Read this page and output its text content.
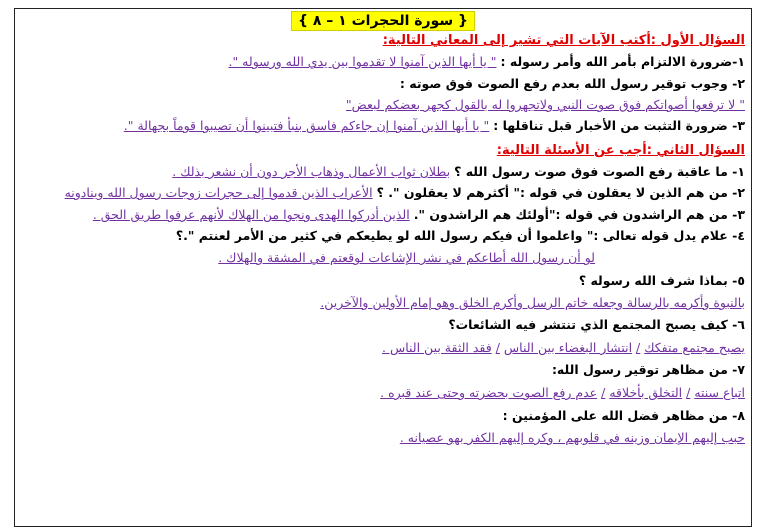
{ سورة الحجرات ١ – ٨ }
السؤال الأول :أكتب الآيات التي تشير إلى المعاني التالية:
١-ضرورة الالتزام بأمر الله وأمر رسوله : " يا أيها الذين آمنوا لا تقدموا بين يدي الله ورسوله ".
٢- وجوب توقير رسول الله بعدم رفع الصوت فوق صوته :
" لا ترفعوا أصواتكم فوق صوت النبي ولاتجهروا له بالقول كجهر بعضكم لبعض"
٣- ضرورة التثبت من الأخبار قبل تناقلها : " يا أيها الذين آمنوا إن جاءكم فاسق بنبأ فتبينوا أن تصيبوا قوماً بجهالة ".
السؤال الثاني :أجب عن الأسئلة التالية:
١- ما عاقبة رفع الصوت فوق صوت رسول الله ؟ بطلان ثواب الأعمال وذهاب الأجر دون أن نشعر بذلك .
٢- من هم الذين لا يعقلون في قوله :" أكثرهم لا يعقلون ". ؟ الأعراب الذين قدموا إلى حجرات زوجات رسول الله وينادونه
٣- من هم الراشدون في قوله :"أولئك هم الراشدون ". الذين أدركوا الهدى ونجوا من الهلاك لأنهم عرفوا طريق الحق .
٤- علام يدل قوله تعالى :" واعلموا أن فيكم رسول الله لو يطيعكم في كثير من الأمر لعنتم ".؟
لو أن رسول الله أطاعكم في نشر الإشاعات لوقعتم في المشقة والهلاك .
٥- بماذا شرف الله رسوله ؟
بالنبوة وأكرمه بالرسالة وجعله خاتم الرسل وأكرم الخلق وهو إمام الأولين والآخرين.
٦- كيف يصبح المجتمع الذي تنتشر فيه الشائعات؟
يصبح مجتمع متفكك / انتشار البغضاء بين الناس / فقد الثقة بين الناس .
٧- من مظاهر توقير رسول الله:
اتباع سنته / التخلق بأخلاقه / عدم رفع الصوت بحضرته وحتى عند قبره .
٨- من مظاهر فضل الله على المؤمنين :
حبب إليهم الإيمان وزينه في قلوبهم ، وكره إليهم الكفر بهو عصيانه .
